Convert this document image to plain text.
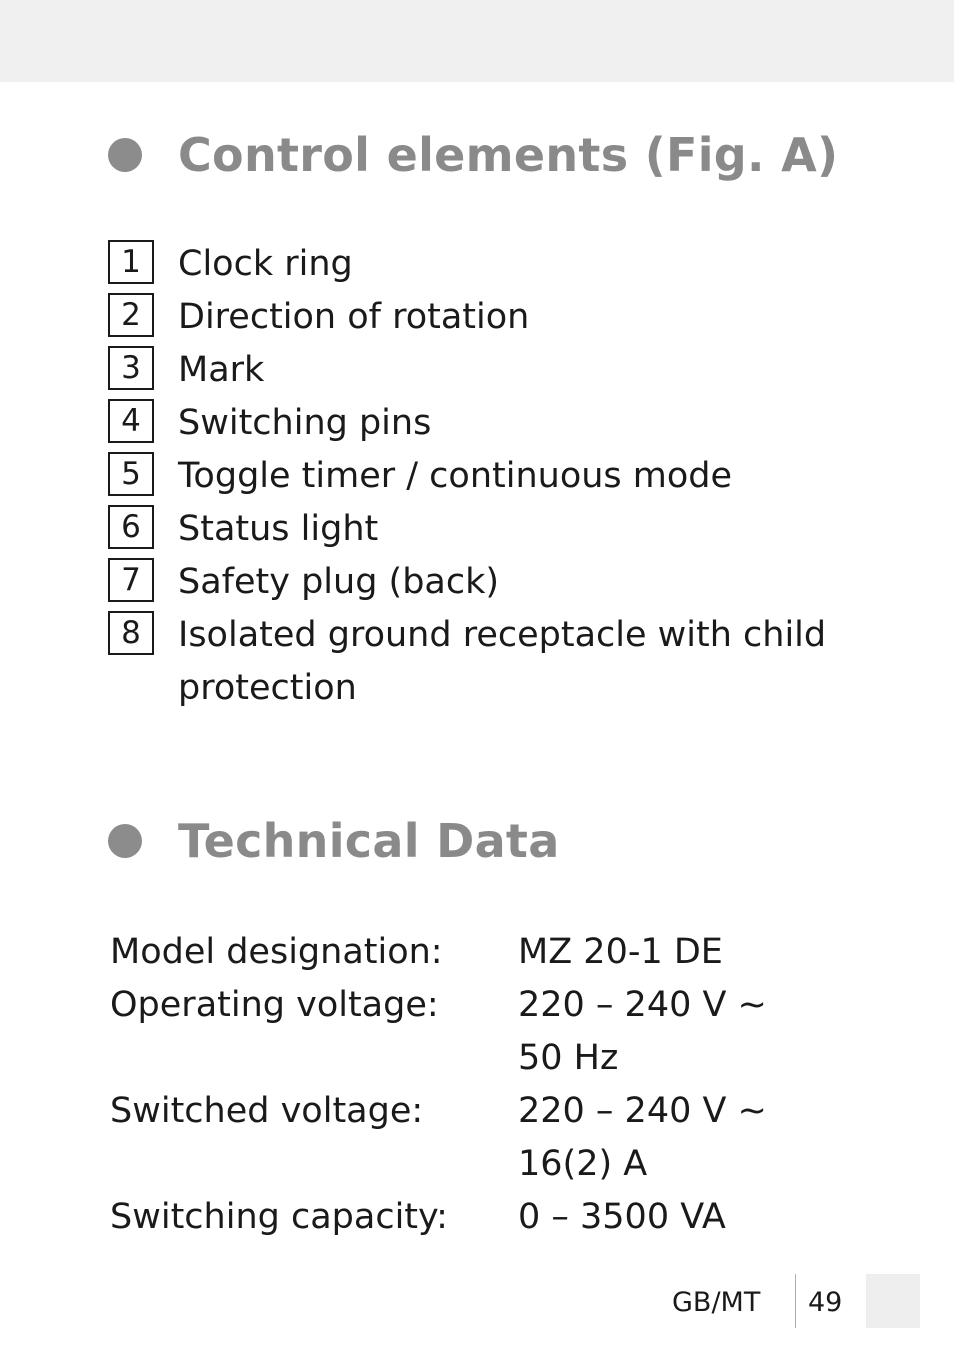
Control elements (Fig. A)
1	Clock ring
2	Direction of rotation
3	Mark
4	Switching pins
5	Toggle timer / continuous mode
6	Status light
7	Safety plug (back)
8	Isolated ground receptacle with child protection
Technical Data
Model designation:	MZ 20-1 DE
Operating voltage:	220 – 240 V ~
50 Hz
Switched voltage:	220 – 240 V ~
16(2) A
Switching capacity:	0 – 3500 VA
GB/MT 49
